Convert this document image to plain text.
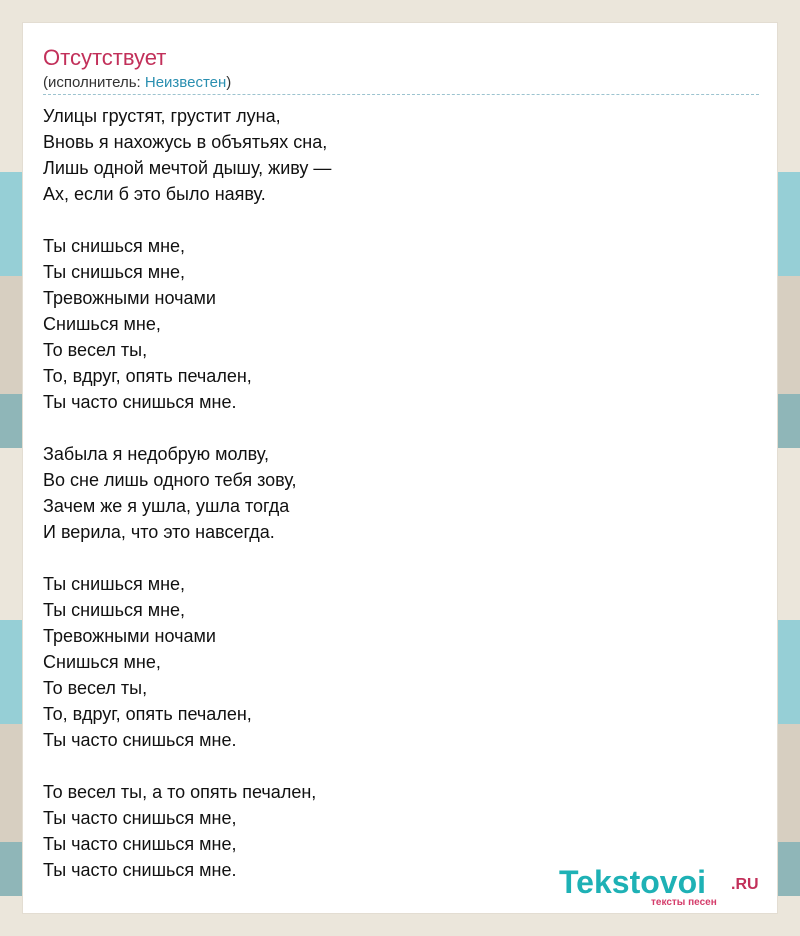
Отсутствует
(исполнитель: Неизвестен)
Улицы грустят, грустит луна,
Вновь я нахожусь в объятьях сна,
Лишь одной мечтой дышу, живу —
Ах, если б это было наяву.
Ты снишься мне,
Ты снишься мне,
Тревожными ночами
Снишься мне,
То весел ты,
То, вдруг, опять печален,
Ты часто снишься мне.
Забыла я недобрую молву,
Во сне лишь одного тебя зову,
Зачем же я ушла, ушла тогда
И верила, что это навсегда.
Ты снишься мне,
Ты снишься мне,
Тревожными ночами
Снишься мне,
То весел ты,
То, вдруг, опять печален,
Ты часто снишься мне.
То весел ты, а то опять печален,
Ты часто снишься мне,
Ты часто снишься мне,
Ты часто снишься мне.	Tekstovoi .RU
тексты песен
